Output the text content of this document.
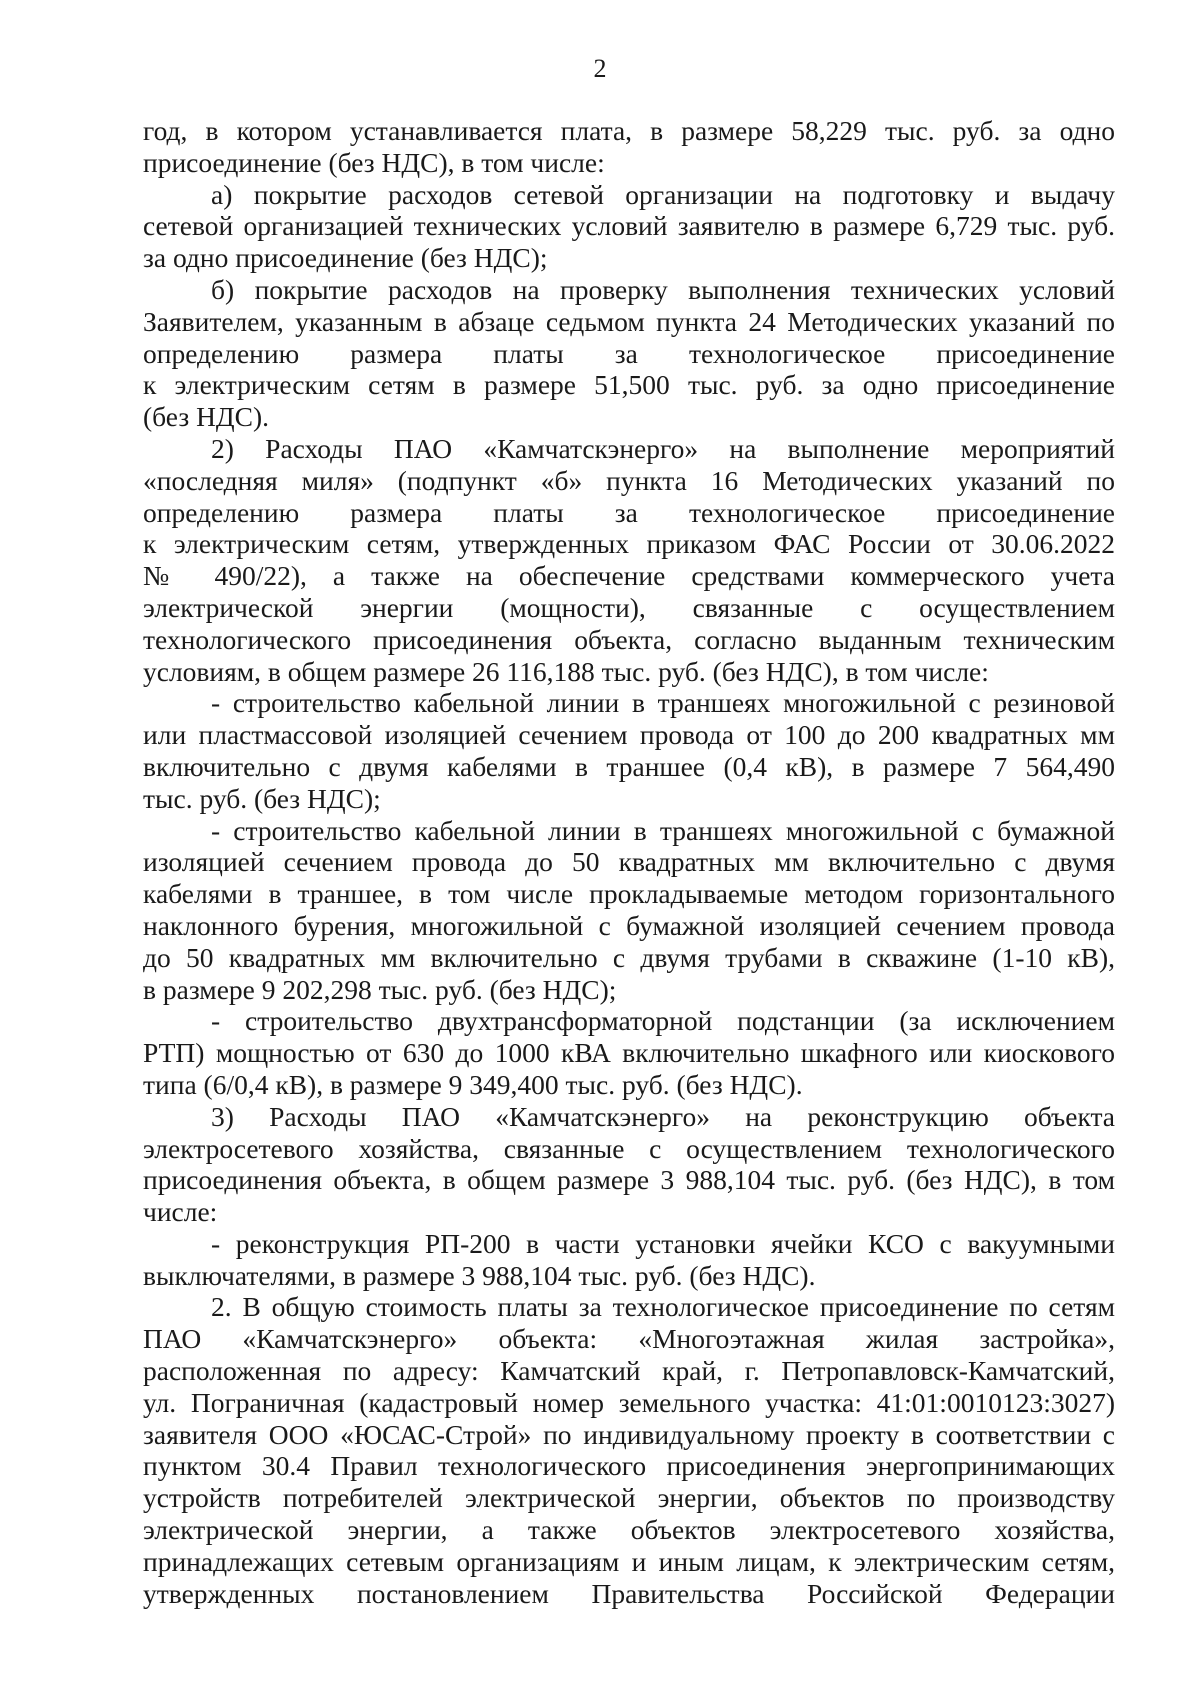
2
год, в котором устанавливается плата, в размере 58,229 тыс. руб. за одно
присоединение (без НДС), в том числе:
а) покрытие расходов сетевой организации на подготовку и выдачу
сетевой организацией технических условий заявителю в размере 6,729 тыс. руб.
за одно присоединение (без НДС);
б) покрытие расходов на проверку выполнения технических условий
Заявителем, указанным в абзаце седьмом пункта 24 Методических указаний по
определению размера платы за технологическое присоединение
к электрическим сетям в размере 51,500 тыс. руб. за одно присоединение
(без НДС).
2) Расходы ПАО «Камчатскэнерго» на выполнение мероприятий
«последняя миля» (подпункт «б» пункта 16 Методических указаний по
определению размера платы за технологическое присоединение
к электрическим сетям, утвержденных приказом ФАС России от 30.06.2022
№ 490/22), а также на обеспечение средствами коммерческого учета
электрической энергии (мощности), связанные с осуществлением
технологического присоединения объекта, согласно выданным техническим
условиям, в общем размере 26 116,188 тыс. руб. (без НДС), в том числе:
- строительство кабельной линии в траншеях многожильной с резиновой
или пластмассовой изоляцией сечением провода от 100 до 200 квадратных мм
включительно с двумя кабелями в траншее (0,4 кВ), в размере 7 564,490
тыс. руб. (без НДС);
- строительство кабельной линии в траншеях многожильной с бумажной
изоляцией сечением провода до 50 квадратных мм включительно с двумя
кабелями в траншее, в том числе прокладываемые методом горизонтального
наклонного бурения, многожильной с бумажной изоляцией сечением провода
до 50 квадратных мм включительно с двумя трубами в скважине (1-10 кВ),
в размере 9 202,298 тыс. руб. (без НДС);
- строительство двухтрансформаторной подстанции (за исключением
РТП) мощностью от 630 до 1000 кВА включительно шкафного или киоскового
типа (6/0,4 кВ), в размере 9 349,400 тыс. руб. (без НДС).
3) Расходы ПАО «Камчатскэнерго» на реконструкцию объекта
электросетевого хозяйства, связанные с осуществлением технологического
присоединения объекта, в общем размере 3 988,104 тыс. руб. (без НДС), в том
числе:
- реконструкция РП-200 в части установки ячейки КСО с вакуумными
выключателями, в размере 3 988,104 тыс. руб. (без НДС).
2. В общую стоимость платы за технологическое присоединение по сетям
ПАО «Камчатскэнерго» объекта: «Многоэтажная жилая застройка»,
расположенная по адресу: Камчатский край, г. Петропавловск-Камчатский,
ул. Пограничная (кадастровый номер земельного участка: 41:01:0010123:3027)
заявителя ООО «ЮСАС-Строй» по индивидуальному проекту в соответствии с
пунктом 30.4 Правил технологического присоединения энергопринимающих
устройств потребителей электрической энергии, объектов по производству
электрической энергии, а также объектов электросетевого хозяйства,
принадлежащих сетевым организациям и иным лицам, к электрическим сетям,
утвержденных постановлением Правительства Российской Федерации
